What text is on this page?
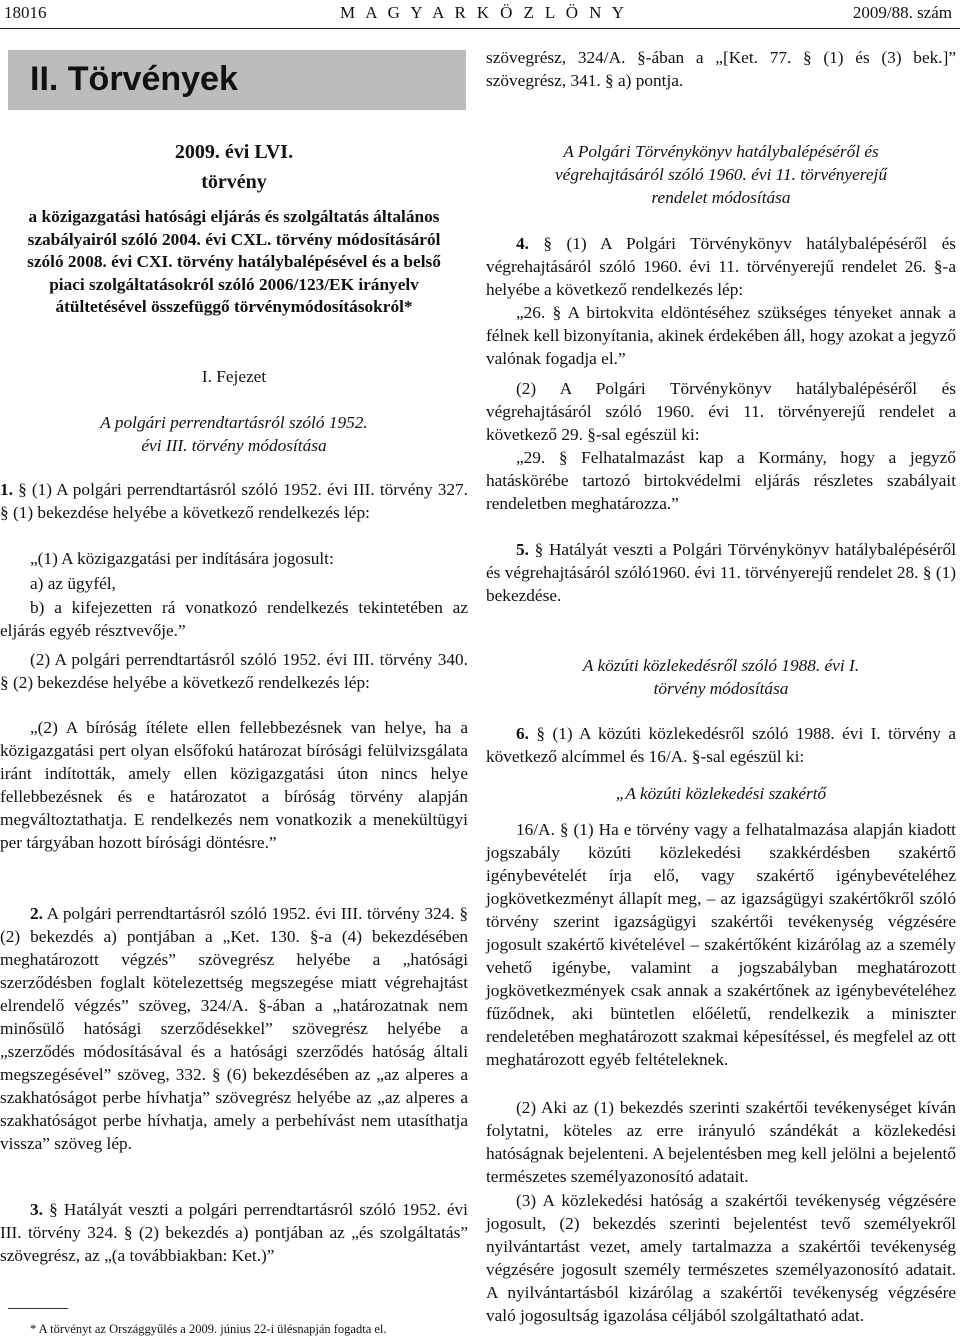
18016	M A G Y A R K Ö Z L Ö N Y	2009/88. szám
II. Törvények
2009. évi LVI.
törvény
a közigazgatási hatósági eljárás és szolgáltatás általános szabályairól szóló 2004. évi CXL. törvény módosításáról szóló 2008. évi CXI. törvény hatálybalépésével és a belső piaci szolgáltatásokról szóló 2006/123/EK irányelv átültetésével összefüggő törvénymódosításokról*
I. Fejezet
A polgári perrendtartásról szóló 1952. évi III. törvény módosítása
1. § (1) A polgári perrendtartásról szóló 1952. évi III. törvény 327. § (1) bekezdése helyébe a következő rendelkezés lép:
„(1) A közigazgatási per indítására jogosult:
a) az ügyfél,
b) a kifejezetten rá vonatkozó rendelkezés tekintetében az eljárás egyéb résztvevője.”
(2) A polgári perrendtartásról szóló 1952. évi III. törvény 340. § (2) bekezdése helyébe a következő rendelkezés lép:
„(2) A bíróság ítélete ellen fellebbezésnek van helye, ha a közigazgatási pert olyan elsőfokú határozat bírósági felülvizsgálata iránt indították, amely ellen közigazgatási úton nincs helye fellebbezésnek és e határozatot a bíróság törvény alapján megváltoztathatja. E rendelkezés nem vonatkozik a menekültügyi per tárgyában hozott bírósági döntésre.”
2. A polgári perrendtartásról szóló 1952. évi III. törvény 324. § (2) bekezdés a) pontjában a „Ket. 130. §-a (4) bekezdésében meghatározott végzés” szövegrész helyébe a „hatósági szerződésben foglalt kötelezettség megszegése miatt végrehajtást elrendelő végzés” szöveg, 324/A. §-ában a „határozatnak nem minősülő hatósági szerződésekkel” szövegrész helyébe a „szerződés módosításával és a hatósági szerződés hatóság általi megszegésével” szöveg, 332. § (6) bekezdésében az „az alperes a szakhatóságot perbe hívhatja” szövegrész helyébe az „az alperes a szakhatóságot perbe hívhatja, amely a perbehívást nem utasíthatja vissza” szöveg lép.
3. § Hatályát veszti a polgári perrendtartásról szóló 1952. évi III. törvény 324. § (2) bekezdés a) pontjában az „és szolgáltatás” szövegrész, az „(a továbbiakban: Ket.)”
szövegrész, 324/A. §-ában a „[Ket. 77. § (1) és (3) bek.]” szövegrész, 341. § a) pontja.
A Polgári Törvénykönyv hatálybalépéséről és végrehajtásáról szóló 1960. évi 11. törvényerejű rendelet módosítása
4. § (1) A Polgári Törvénykönyv hatálybalépéséről és végrehajtásáról szóló 1960. évi 11. törvényerejű rendelet 26. §-a helyébe a következő rendelkezés lép:
„26. § A birtokvita eldöntéséhez szükséges tényeket annak a félnek kell bizonyítania, akinek érdekében áll, hogy azokat a jegyző valónak fogadja el.”
(2) A Polgári Törvénykönyv hatálybalépéséről és végrehajtásáról szóló 1960. évi 11. törvényerejű rendelet a következő 29. §-sal egészül ki:
„29. § Felhatalmazást kap a Kormány, hogy a jegyző hatáskörébe tartozó birtokvédelmi eljárás részletes szabályait rendeletben meghatározza.”
5. § Hatályát veszti a Polgári Törvénykönyv hatálybalépéséről és végrehajtásáról szóló1960. évi 11. törvényerejű rendelet 28. § (1) bekezdése.
A közúti közlekedésről szóló 1988. évi I. törvény módosítása
6. § (1) A közúti közlekedésről szóló 1988. évi I. törvény a következő alcímmel és 16/A. §-sal egészül ki:
„A közúti közlekedési szakértő
16/A. § (1) Ha e törvény vagy a felhatalmazása alapján kiadott jogszabály közúti közlekedési szakkérdésben szakértő igénybevételét írja elő, vagy szakértő igénybevételéhez jogkövetkezményt állapít meg, – az igazságügyi szakértőkről szóló törvény szerint igazságügyi szakértői tevékenység végzésére jogosult szakértő kivételével – szakértőként kizárólag az a személy vehető igénybe, valamint a jogszabályban meghatározott jogkövetkezmények csak annak a szakértőnek az igénybevételéhez fűződnek, aki büntetlen előéletű, rendelkezik a miniszter rendeletében meghatározott szakmai képesítéssel, és megfelel az ott meghatározott egyéb feltételeknek.
(2) Aki az (1) bekezdés szerinti szakértői tevékenységet kíván folytatni, köteles az erre irányuló szándékát a közlekedési hatóságnak bejelenteni. A bejelentésben meg kell jelölni a bejelentő természetes személyazonosító adatait.
(3) A közlekedési hatóság a szakértői tevékenység végzésére jogosult, (2) bekezdés szerinti bejelentést tevő személyekről nyilvántartást vezet, amely tartalmazza a szakértői tevékenység végzésére jogosult személy természetes személyazonosító adatait. A nyilvántartásból kizárólag a szakértői tevékenység végzésére való jogosultság igazolása céljából szolgáltatható adat.
* A törvényt az Országgyűlés a 2009. június 22-i ülésnapján fogadta el.
